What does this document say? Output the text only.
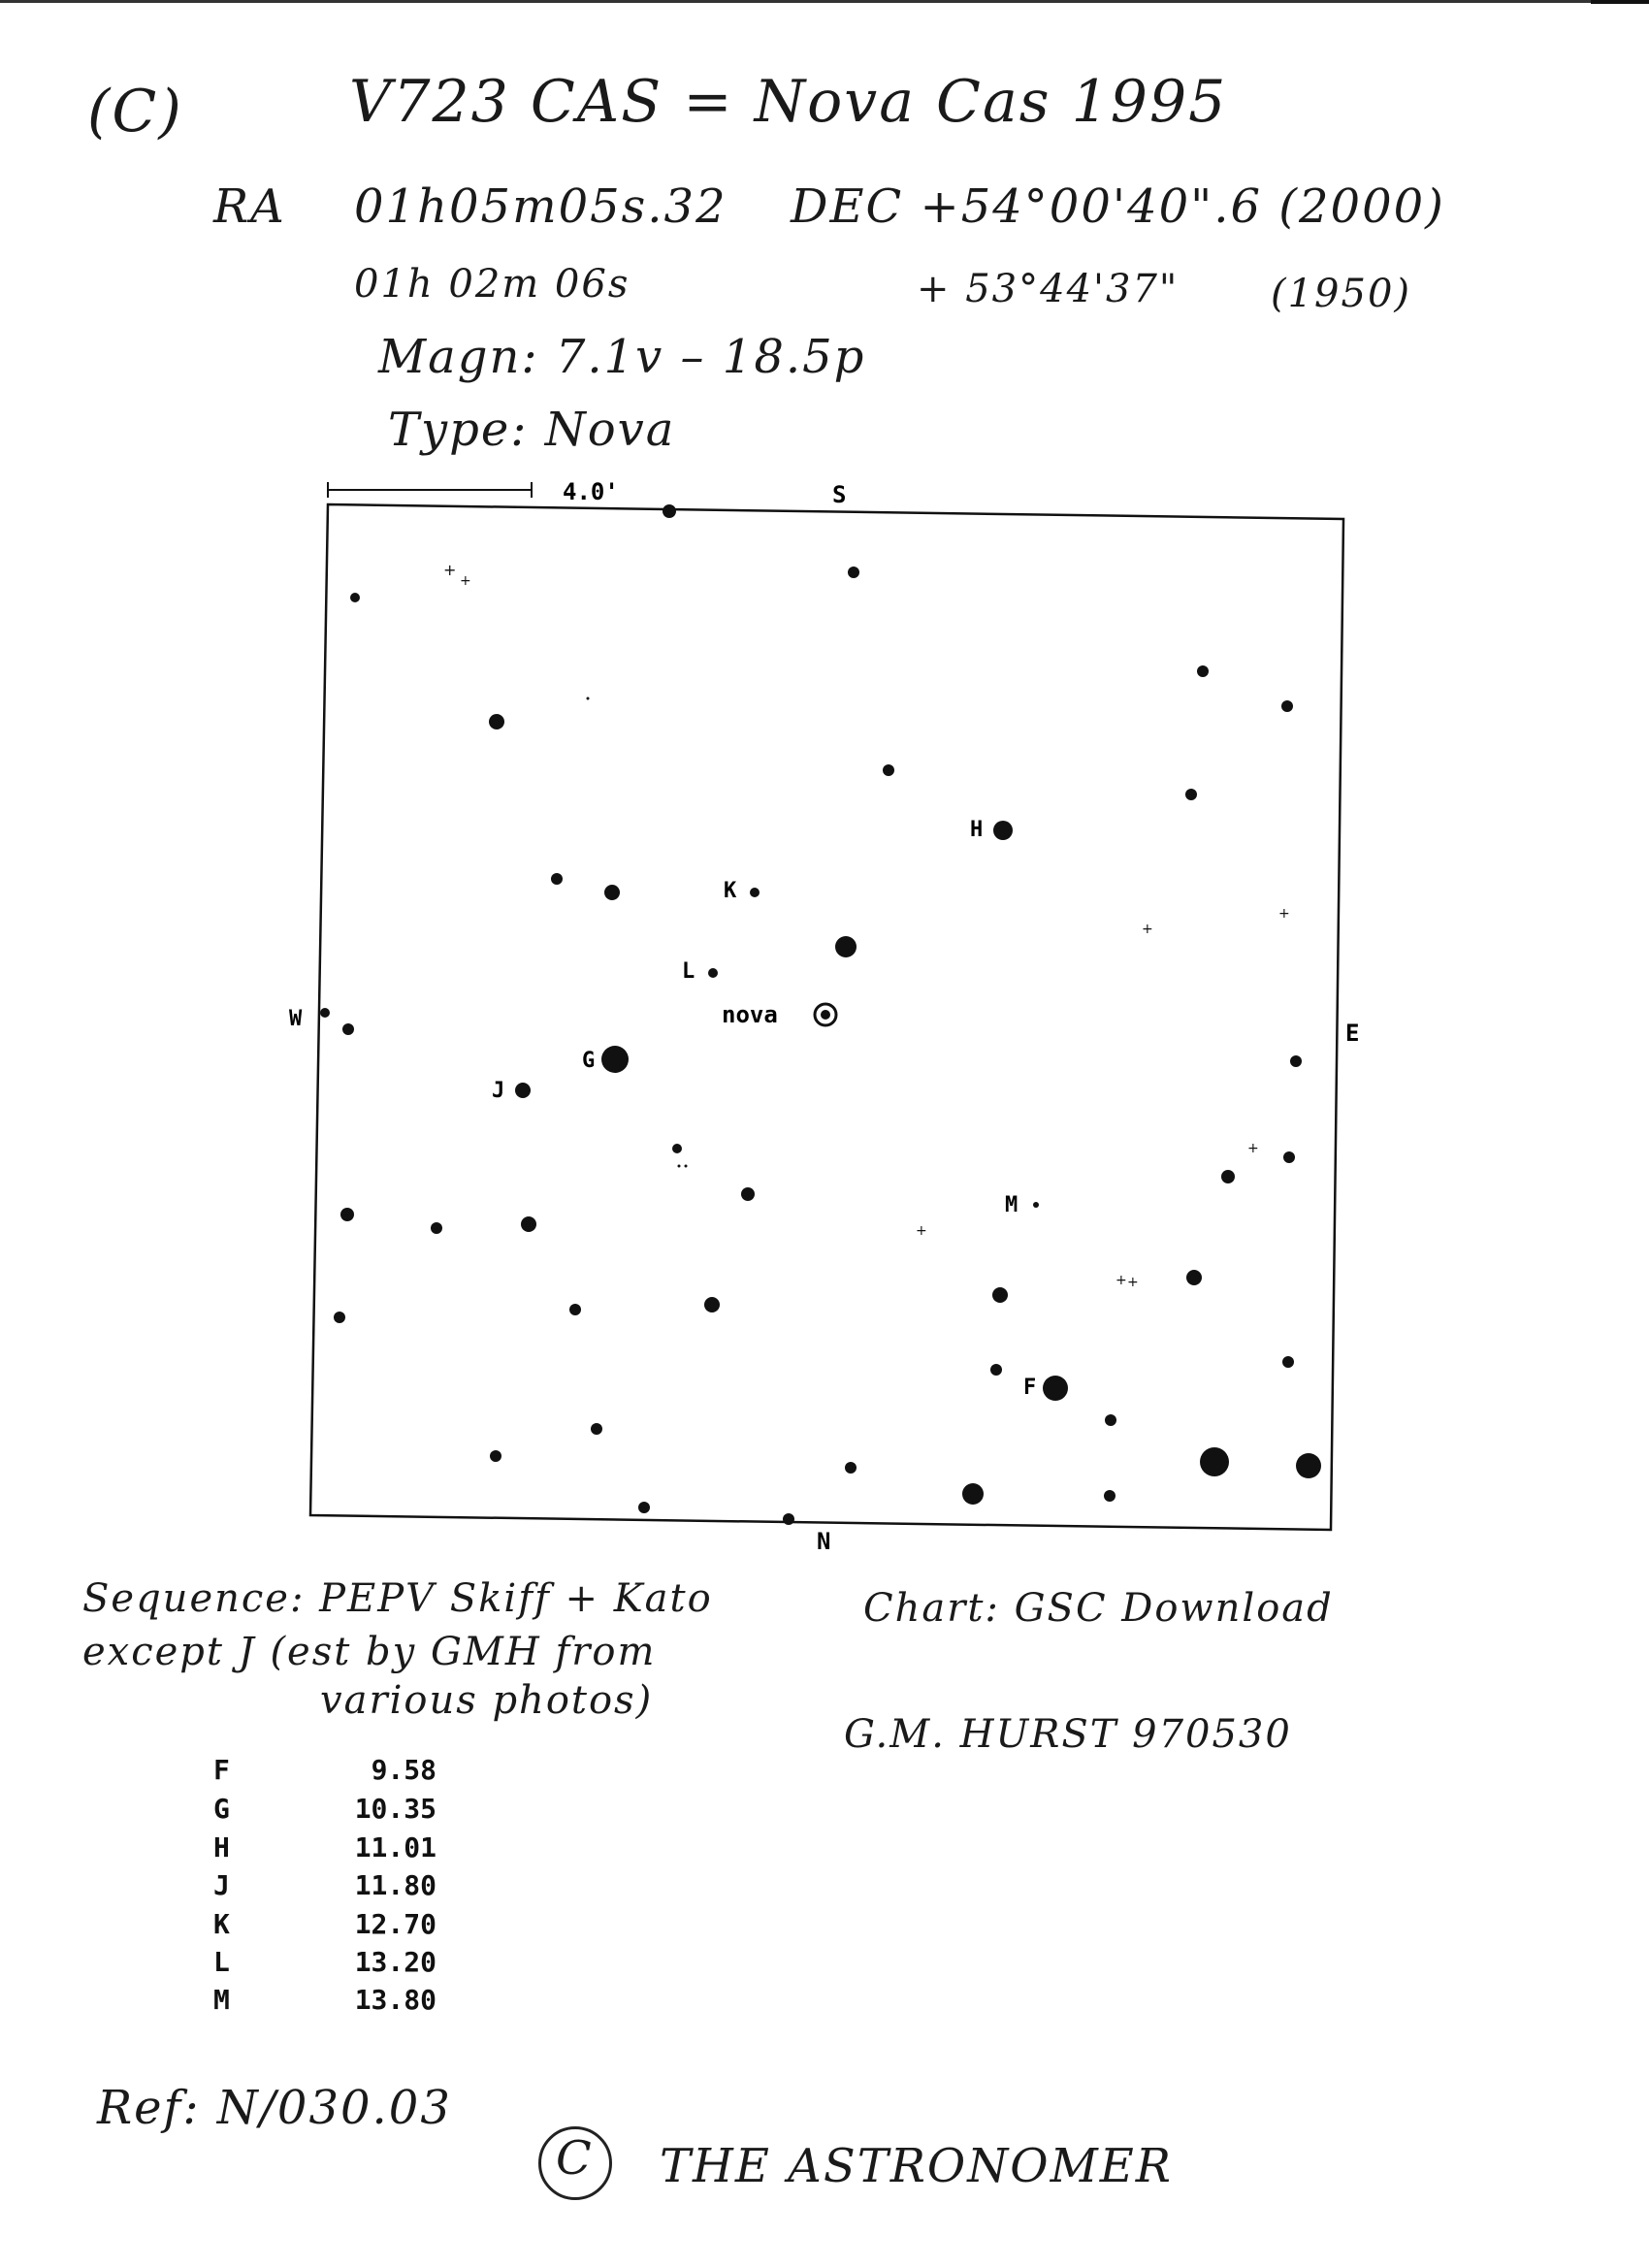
(C)	V723 CAS = Nova Cas 1995
RA 01h05m05s.32 DEC +54°00'40".6 (2000)
01h 02m 06s	+ 53°44'37" (1950)
Magn: 7.1v – 18.5p
Type: Nova
4.0'	S
N
W
E
H
K
L
G
J
M
F
nova
+
+
+
+
+
+
+ +
Sequence: PEPV Skiff + Kato
except J (est by GMH from
various photos)
Chart: GSC Download
G.M. HURST 970530
F	9.58
G	10.35
H	11.01
J	11.80
K	12.70
L	13.20
M	13.80
Ref: N/030.03
C THE ASTRONOMER
